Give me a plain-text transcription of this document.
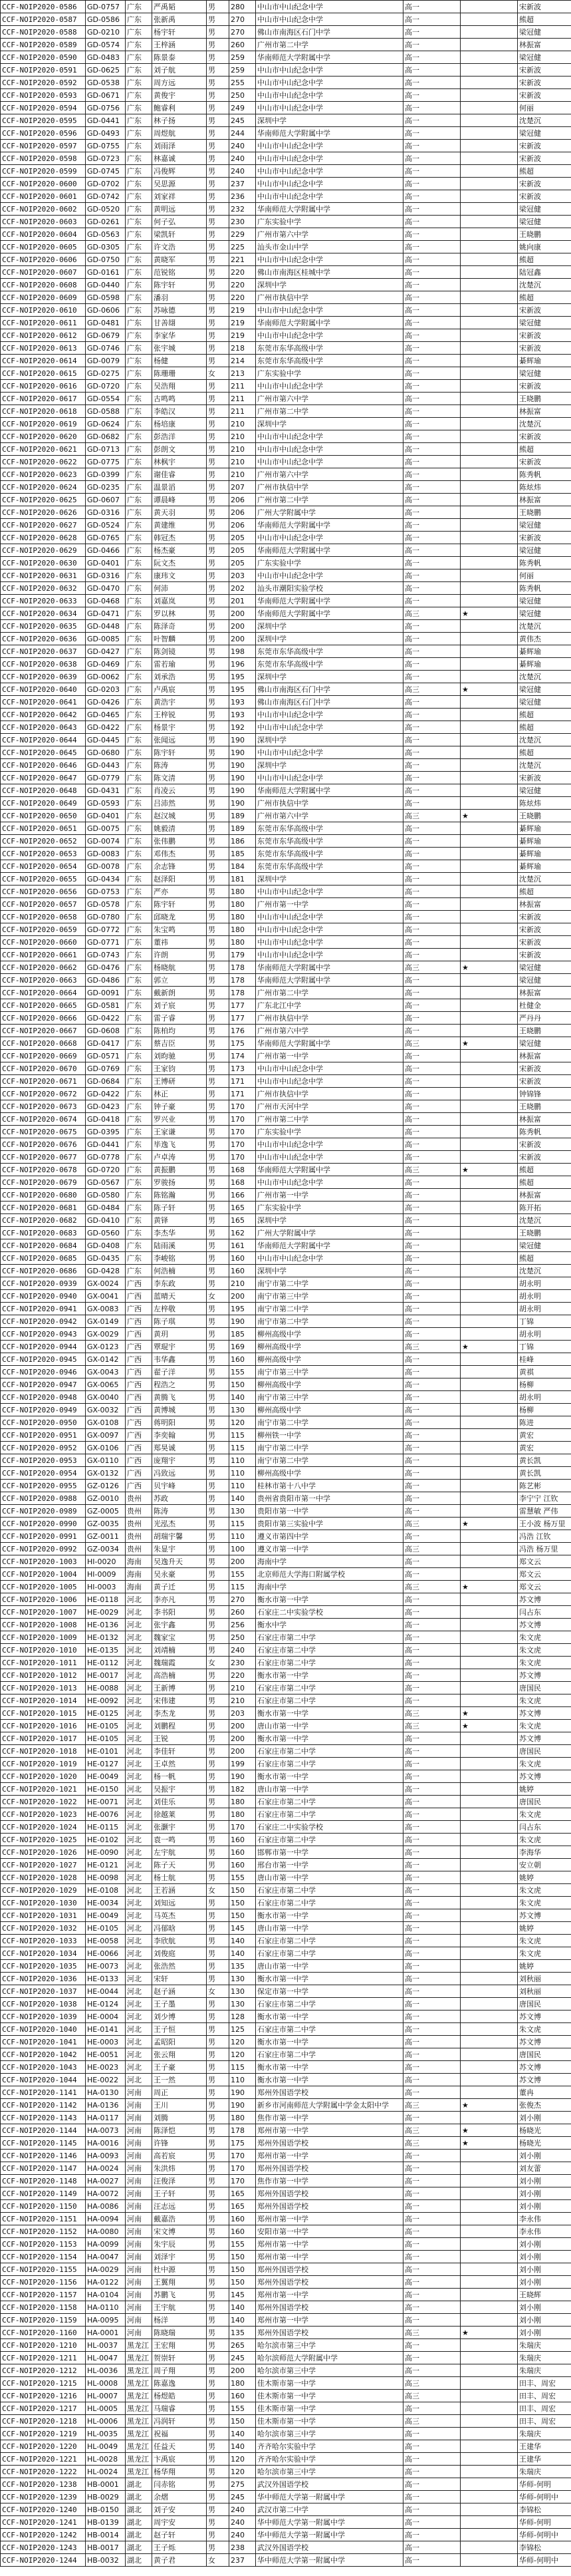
CCF-NOIP2020-0586	GD-0757	广东	严禹韬	男	280	中山市中山纪念中学	高一		宋新波
CCF-NOIP2020-0587	GD-0586	广东	张新禹	男	270	中山市中山纪念中学	高一		熊超
CCF-NOIP2020-0588	GD-0210	广东	杨宇轩	男	270	佛山市南海区石门中学	高一		梁冠健
CCF-NOIP2020-0589	GD-0574	广东	王梓涵	男	260	广州市第二中学	高一		林振富
CCF-NOIP2020-0590	GD-0483	广东	陈景泰	男	259	华南师范大学附属中学	高一		梁冠健
CCF-NOIP2020-0591	GD-0625	广东	刘子航	男	259	中山市中山纪念中学	高一		宋新波
CCF-NOIP2020-0592	GD-0538	广东	周方远	男	255	中山市中山纪念中学	高一		宋新波
CCF-NOIP2020-0593	GD-0671	广东	黄俊宇	男	250	中山市中山纪念中学	高一		宋新波
CCF-NOIP2020-0594	GD-0756	广东	鲍睿利	男	249	中山市中山纪念中学	高一		何丽
CCF-NOIP2020-0595	GD-0441	广东	林子扬	男	245	深圳中学	高一		沈楚沉
CCF-NOIP2020-0596	GD-0493	广东	周煜航	男	244	华南师范大学附属中学	高一		梁冠健
CCF-NOIP2020-0597	GD-0755	广东	刘雨泽	男	240	中山市中山纪念中学	高一		宋新波
CCF-NOIP2020-0598	GD-0723	广东	林嘉诚	男	240	中山市中山纪念中学	高一		宋新波
CCF-NOIP2020-0599	GD-0745	广东	冯俊辉	男	240	中山市中山纪念中学	高一		熊超
CCF-NOIP2020-0600	GD-0702	广东	吴思源	男	237	中山市中山纪念中学	高一		宋新波
CCF-NOIP2020-0601	GD-0742	广东	刘家祥	男	236	中山市中山纪念中学	高一		宋新波
CCF-NOIP2020-0602	GD-0520	广东	黄明远	男	232	华南师范大学附属中学	高一		梁冠健
CCF-NOIP2020-0603	GD-0261	广东	何子弘	男	230	广东实验中学	高一		梁冠健
CCF-NOIP2020-0604	GD-0563	广东	梁凯轩	男	229	广州市第六中学	高一		王晓鹏
CCF-NOIP2020-0605	GD-0305	广东	许文浩	男	225	汕头市金山中学	高一		姚向康
CCF-NOIP2020-0606	GD-0750	广东	黄晓军	男	221	中山市中山纪念中学	高一		熊超
CCF-NOIP2020-0607	GD-0161	广东	范锐铭	男	220	佛山市南海区桂城中学	高一		陆冠鑫
CCF-NOIP2020-0608	GD-0440	广东	陈宇轩	男	220	深圳中学	高一		沈楚沉
CCF-NOIP2020-0609	GD-0598	广东	潘羽	男	220	广州市执信中学	高一		熊超
CCF-NOIP2020-0610	GD-0606	广东	苏咏德	男	219	中山市中山纪念中学	高一		宋新波
CCF-NOIP2020-0611	GD-0481	广东	甘善翃	男	219	华南师范大学附属中学	高一		梁冠健
CCF-NOIP2020-0612	GD-0679	广东	李家华	男	219	中山市中山纪念中学	高一		宋新波
CCF-NOIP2020-0613	GD-0746	广东	张宇城	男	218	东莞市东华高级中学	高一		宋新波
CCF-NOIP2020-0614	GD-0079	广东	杨健	男	214	东莞市东华高级中学	高一		綦辉瑜
CCF-NOIP2020-0615	GD-0275	广东	陈珊珊	女	213	广东实验中学	高一		梁冠健
CCF-NOIP2020-0616	GD-0720	广东	吴浩翔	男	211	中山市中山纪念中学	高一		宋新波
CCF-NOIP2020-0617	GD-0554	广东	古鸣鸣	男	211	广州市第六中学	高一		王晓鹏
CCF-NOIP2020-0618	GD-0588	广东	李皓汉	男	211	广州市第二中学	高一		林振富
CCF-NOIP2020-0619	GD-0624	广东	杨培康	男	210	深圳中学	高一		沈楚沉
CCF-NOIP2020-0620	GD-0682	广东	彭浩洋	男	210	中山市中山纪念中学	高一		宋新波
CCF-NOIP2020-0621	GD-0713	广东	彭朗文	男	210	中山市中山纪念中学	高一		熊超
CCF-NOIP2020-0622	GD-0775	广东	林枫宇	男	210	中山市中山纪念中学	高一		宋新波
CCF-NOIP2020-0623	GD-0399	广东	谢佳睿	男	210	广州市第六中学	高一		陈秀帆
CCF-NOIP2020-0624	GD-0235	广东	温景滔	男	207	广州市执信中学	高一		陈炫炜
CCF-NOIP2020-0625	GD-0607	广东	谭晨峰	男	206	广州市第二中学	高一		林振富
CCF-NOIP2020-0626	GD-0316	广东	黄天羽	男	206	广州大学附属中学	高一		王晓鹏
CCF-NOIP2020-0627	GD-0524	广东	黄建维	男	206	华南师范大学附属中学	高一		梁冠健
CCF-NOIP2020-0628	GD-0765	广东	韩冠杰	男	205	中山市中山纪念中学	高一		宋新波
CCF-NOIP2020-0629	GD-0466	广东	杨杰豪	男	205	华南师范大学附属中学	高一		梁冠健
CCF-NOIP2020-0630	GD-0401	广东	阮文杰	男	205	广东实验中学	高一		陈秀帆
CCF-NOIP2020-0631	GD-0316	广东	康玮文	男	203	中山市中山纪念中学	高一		何丽
CCF-NOIP2020-0632	GD-0470	广东	何沛	男	202	汕头市潮阳实验学校	高一		陈秀帆
CCF-NOIP2020-0633	GD-0468	广东	刘嘉岚	男	201	华南师范大学附属中学	高一		梁冠健
CCF-NOIP2020-0634	GD-0471	广东	罗以林	男	200	华南师范大学附属中学	高三	★	梁冠健
CCF-NOIP2020-0635	GD-0448	广东	陈泽奇	男	200	深圳中学	高一		沈楚沉
CCF-NOIP2020-0636	GD-0085	广东	叶智麟	男	200	深圳中学	高一		黄伟杰
CCF-NOIP2020-0637	GD-0427	广东	陈剑镜	男	198	东莞市东华高级中学	高一		綦辉瑜
CCF-NOIP2020-0638	GD-0469	广东	雷若瑜	男	196	东莞市东华高级中学	高一		綦辉瑜
CCF-NOIP2020-0639	GD-0062	广东	刘承浩	男	195	深圳中学	高一		沈楚沉
CCF-NOIP2020-0640	GD-0203	广东	卢禹宸	男	195	佛山市南海区石门中学	高三	★	梁冠健
CCF-NOIP2020-0641	GD-0426	广东	黄浩宇	男	193	佛山市南海区石门中学	高一		梁冠健
CCF-NOIP2020-0642	GD-0465	广东	王梓锐	男	193	中山市中山纪念中学	高一		熊超
CCF-NOIP2020-0643	GD-0422	广东	杨景宇	男	192	中山市中山纪念中学	高一		熊超
CCF-NOIP2020-0644	GD-0445	广东	张闻远	男	190	深圳中学	高一		沈楚沉
CCF-NOIP2020-0645	GD-0680	广东	陈宇轩	男	190	中山市中山纪念中学	高一		熊超
CCF-NOIP2020-0646	GD-0443	广东	陈涛	男	190	深圳中学	高一		沈楚沉
CCF-NOIP2020-0647	GD-0779	广东	陈文清	男	190	中山市中山纪念中学	高一		宋新波
CCF-NOIP2020-0648	GD-0431	广东	肖凌云	男	190	华南师范大学附属中学	高一		梁冠健
CCF-NOIP2020-0649	GD-0593	广东	吕沛然	男	190	广州市执信中学	高一		陈炫炜
CCF-NOIP2020-0650	GD-0401	广东	赵汉城	男	189	广州市第六中学	高三	★	王晓鹏
CCF-NOIP2020-0651	GD-0075	广东	姚毅清	男	189	东莞市东华高级中学	高一		綦辉瑜
CCF-NOIP2020-0652	GD-0074	广东	张伟鹏	男	186	东莞市东华高级中学	高一		綦辉瑜
CCF-NOIP2020-0653	GD-0083	广东	邓伟杰	男	185	东莞市东华高级中学	高一		綦辉瑜
CCF-NOIP2020-0654	GD-0078	广东	余志锋	男	184	东莞市东华高级中学	高一		綦辉瑜
CCF-NOIP2020-0655	GD-0434	广东	赵泽阳	男	181	深圳中学	高一		沈楚沉
CCF-NOIP2020-0656	GD-0753	广东	严亦	男	180	中山市中山纪念中学	高一		熊超
CCF-NOIP2020-0657	GD-0578	广东	陈宇轩	男	180	广州市第一中学	高一		林振富
CCF-NOIP2020-0658	GD-0780	广东	邱晓龙	男	180	中山市中山纪念中学	高一		宋新波
CCF-NOIP2020-0659	GD-0772	广东	朱宝鸣	男	180	中山市中山纪念中学	高一		宋新波
CCF-NOIP2020-0660	GD-0771	广东	董祎	男	180	中山市中山纪念中学	高一		宋新波
CCF-NOIP2020-0661	GD-0743	广东	许朗	男	179	中山市中山纪念中学	高一		宋新波
CCF-NOIP2020-0662	GD-0476	广东	杨晓航	男	178	华南师范大学附属中学	高三	★	梁冠健
CCF-NOIP2020-0663	GD-0486	广东	郭立	男	178	华南师范大学附属中学	高一		梁冠健
CCF-NOIP2020-0664	GD-0091	广东	戴新朗	男	178	广州市第二中学	高一		林振富
CCF-NOIP2020-0665	GD-0581	广东	刘子宸	男	177	广东北江中学	高一		杜健金
CCF-NOIP2020-0666	GD-0422	广东	雷子睿	男	177	广州市执信中学	高一		严丹丹
CCF-NOIP2020-0667	GD-0608	广东	陈柏均	男	176	广州市第六中学	高一		王晓鹏
CCF-NOIP2020-0668	GD-0417	广东	蔡吉臣	男	175	华南师范大学附属中学	高三	★	梁冠健
CCF-NOIP2020-0669	GD-0571	广东	刘昀驰	男	174	广州市第一中学	高一		林振富
CCF-NOIP2020-0670	GD-0769	广东	王家钧	男	173	中山市中山纪念中学	高一		宋新波
CCF-NOIP2020-0671	GD-0684	广东	王博研	男	171	中山市中山纪念中学	高一		宋新波
CCF-NOIP2020-0672	GD-0422	广东	林正	男	171	广州市执信中学	高一		钟锦锋
CCF-NOIP2020-0673	GD-0423	广东	钟子豪	男	170	广州市天河中学	高一		王晓鹏
CCF-NOIP2020-0674	GD-0418	广东	罗兴业	男	170	广州市第二中学	高一		林振富
CCF-NOIP2020-0675	GD-0395	广东	王家谦	男	170	广东实验中学	高一		陈秀帆
CCF-NOIP2020-0676	GD-0441	广东	毕逸飞	男	170	中山市中山纪念中学	高一		宋新波
CCF-NOIP2020-0677	GD-0778	广东	卢卓涛	男	170	中山市中山纪念中学	高一		宋新波
CCF-NOIP2020-0678	GD-0720	广东	黄振鹏	男	168	华南师范大学附属中学	高三	★	熊超
CCF-NOIP2020-0679	GD-0567	广东	罗骏扬	男	168	中山市中山纪念中学	高一		熊超
CCF-NOIP2020-0680	GD-0580	广东	陈铭瀚	男	166	广州市第一中学	高一		林振富
CCF-NOIP2020-0681	GD-0484	广东	陈子轩	男	165	广东实验中学	高一		陈开拓
CCF-NOIP2020-0682	GD-0410	广东	黄铎	男	165	深圳中学	高一		沈楚沉
CCF-NOIP2020-0683	GD-0560	广东	李杰华	男	162	广州大学附属中学	高一		王晓鹏
CCF-NOIP2020-0684	GD-0408	广东	陆雨溪	男	161	华南师范大学附属中学	高一		梁冠健
CCF-NOIP2020-0685	GD-0435	广东	李峻铭	男	160	中山市中山纪念中学	高一		熊超
CCF-NOIP2020-0686	GD-0428	广东	何浩楠	男	160	深圳中学	高一		沈楚沉
CCF-NOIP2020-0939	GX-0024	广西	李东政	男	210	南宁市第二中学	高一		胡永明
CCF-NOIP2020-0940	GX-0041	广西	蓝晴天	女	200	南宁市第三中学	高一		胡永明
CCF-NOIP2020-0941	GX-0083	广西	左梓敬	男	195	南宁市第二中学	高一		胡永明
CCF-NOIP2020-0942	GX-0149	广西	陈子琪	男	190	南宁市第二中学	高一		丁锦
CCF-NOIP2020-0943	GX-0029	广西	黄玥	男	185	柳州高级中学	高一		胡永明
CCF-NOIP2020-0944	GX-0123	广西	覃琨宇	男	169	柳州高级中学	高三	★	丁锦
CCF-NOIP2020-0945	GX-0142	广西	韦华鑫	男	160	柳州高级中学	高一		桂峰
CCF-NOIP2020-0946	GX-0043	广西	翟子洋	男	155	南宁市第三中学	高一		黄祺
CCF-NOIP2020-0947	GX-0065	广西	程浩之	男	150	柳州高级中学	高一		杨柳
CCF-NOIP2020-0948	GX-0040	广西	黄腾飞	男	140	南宁市第三中学	高一		胡永明
CCF-NOIP2020-0949	GX-0032	广西	黄博城	男	130	柳州高级中学	高一		杨柳
CCF-NOIP2020-0950	GX-0108	广西	蒋明阳	男	120	南宁市第二中学	高一		陈进
CCF-NOIP2020-0951	GX-0097	广西	李奕翰	男	115	柳州铁一中学	高一		黄宏
CCF-NOIP2020-0952	GX-0106	广西	郑昊诚	男	115	南宁市第二中学	高一		黄宏
CCF-NOIP2020-0953	GX-0110	广西	庞翔宇	男	110	南宁市第二中学	高一		黄长凯
CCF-NOIP2020-0954	GX-0132	广西	冯致远	男	110	柳州高级中学	高一		黄长凯
CCF-NOIP2020-0955	GZ-0126	广西	贝宇峰	男	110	桂林市第十八中学	高一		陈艺彬
CCF-NOIP2020-0988	GZ-0010	贵州	苏政	男	140	贵州省贵阳市第一中学	高一		李宁宁 江钦
CCF-NOIP2020-0989	GZ-0005	贵州	陈涛	男	130	贵阳市第一中学	高一		雷慧敏 严伟
CCF-NOIP2020-0990	GZ-0035	贵州	光泓杰	男	115	贵阳市第三实验中学	高三	★	王小波 杨万里
CCF-NOIP2020-0991	GZ-0011	贵州	胡瑞宇馨	男	110	遵义市第四中学	高一		冯浩 江钦
CCF-NOIP2020-0992	GZ-0034	贵州	朱显宇	男	100	遵义市第一中学	高三		冯浩 杨万里
CCF-NOIP2020-1003	HI-0020	海南	吴逸升天	男	200	海南中学	高一		郑文云
CCF-NOIP2020-1004	HI-0009	海南	吴永豪	男	155	北京师范大学海口附属学校	高一		郑文云
CCF-NOIP2020-1005	HI-0003	海南	黄子迁	男	115	海南中学	高三	★	郑文云
CCF-NOIP2020-1006	HE-0118	河北	李亦凡	男	270	衡水市第一中学	高一		苏文博
CCF-NOIP2020-1007	HE-0029	河北	李书阳	男	260	石家庄二中实验学校	高一		闫占东
CCF-NOIP2020-1008	HE-0136	河北	张宇鑫	男	256	衡水中学	高一		苏文博
CCF-NOIP2020-1009	HE-0132	河北	魏家宝	男	250	石家庄市第二中学	高一		朱文虎
CCF-NOIP2020-1010	HE-0135	河北	刘靖楠	男	240	石家庄市第二中学	高一		朱文虎
CCF-NOIP2020-1011	HE-0112	河北	魏瑞霞	女	230	石家庄市第二中学	高一		朱文虎
CCF-NOIP2020-1012	HE-0017	河北	高浩楠	男	220	衡水市第一中学	高一		苏文博
CCF-NOIP2020-1013	HE-0088	河北	王新博	男	210	石家庄市第二中学	高一		唐国民
CCF-NOIP2020-1014	HE-0092	河北	宋伟建	男	210	石家庄市第二中学	高一		朱文虎
CCF-NOIP2020-1015	HE-0125	河北	李杰龙	男	203	衡水市第一中学	高三	★	苏文博
CCF-NOIP2020-1016	HE-0105	河北	刘鹏程	男	200	唐山市第一中学	高三	★	朱文虎
CCF-NOIP2020-1017	HE-0105	河北	王锐	男	200	衡水市第一中学	高一		苏文博
CCF-NOIP2020-1018	HE-0101	河北	李佳轩	男	200	石家庄市第二中学	高一		唐国民
CCF-NOIP2020-1019	HE-0127	河北	王卓然	男	199	石家庄市第二中学	高一		朱文虎
CCF-NOIP2020-1020	HE-0049	河北	杨一帆	男	190	衡水市第一中学	高一		苏文博
CCF-NOIP2020-1021	HE-0150	河北	吴振宇	男	182	唐山市第一中学	高一		姚婷
CCF-NOIP2020-1022	HE-0071	河北	刘佳乐	男	180	石家庄市第二中学	高一		唐国民
CCF-NOIP2020-1023	HE-0076	河北	徐越莱	男	180	石家庄市第二中学	高一		朱文虎
CCF-NOIP2020-1024	HE-0115	河北	张灏宇	男	170	石家庄二中实验学校	高一		闫占东
CCF-NOIP2020-1025	HE-0102	河北	袁一鸣	男	160	石家庄市第二中学	高一		朱文虎
CCF-NOIP2020-1026	HE-0090	河北	左宇航	男	160	邯郸市第一中学	高一		李海华
CCF-NOIP2020-1027	HE-0121	河北	陈子天	男	160	邢台市第一中学	高一		安立朝
CCF-NOIP2020-1028	HE-0098	河北	杨士航	男	155	唐山市第一中学	高一		姚婷
CCF-NOIP2020-1029	HE-0108	河北	王若涵	女	150	石家庄市第二中学	高一		朱文虎
CCF-NOIP2020-1030	HE-0034	河北	刘知远	男	150	石家庄市第二中学	高一		朱文虎
CCF-NOIP2020-1031	HE-0049	河北	马英杰	男	150	衡水市第一中学	高一		苏文博
CCF-NOIP2020-1032	HE-0105	河北	冯郁晗	男	145	唐山市第一中学	高一		姚婷
CCF-NOIP2020-1033	HE-0058	河北	李欣航	男	140	石家庄市第二中学	高一		朱文虎
CCF-NOIP2020-1034	HE-0066	河北	刘俊庭	男	140	石家庄市第二中学	高一		朱文虎
CCF-NOIP2020-1035	HE-0073	河北	张浩然	男	135	唐山市第一中学	高一		姚婷
CCF-NOIP2020-1036	HE-0133	河北	宋轩	男	130	衡水市第一中学	高一		刘秋丽
CCF-NOIP2020-1037	HE-0044	河北	赵子涵	女	130	保定市第一中学	高一		刘秋丽
CCF-NOIP2020-1038	HE-0124	河北	王子墨	男	130	石家庄市第二中学	高一		唐国民
CCF-NOIP2020-1039	HE-0004	河北	刘少博	男	128	衡水市第一中学	高一		苏文博
CCF-NOIP2020-1040	HE-0141	河北	王子恒	男	125	石家庄市第二中学	高一		朱文虎
CCF-NOIP2020-1041	HE-0003	河北	孟昭阳	男	120	衡水市第一中学	高一		苏文博
CCF-NOIP2020-1042	HE-0051	河北	张云翔	男	120	石家庄市第二中学	高一		唐国民
CCF-NOIP2020-1043	HE-0023	河北	王子豪	男	115	衡水市第一中学	高一		苏文博
CCF-NOIP2020-1044	HE-0022	河北	王一然	男	110	衡水市第一中学	高一		苏文博
CCF-NOIP2020-1141	HA-0130	河南	周正	男	190	郑州外国语学校	高一		董冉
CCF-NOIP2020-1142	HA-0136	河南	王川	男	190	新乡市河南师范大学附属中学金太阳中学	高三	★	张俊杰
CCF-NOIP2020-1143	HA-0117	河南	刘腾	男	180	焦作市第一中学	高一		刘小刚
CCF-NOIP2020-1144	HA-0073	河南	陈泽恺	男	178	郑州市第一中学	高三	★	杨晓光
CCF-NOIP2020-1145	HA-0016	河南	许锋	男	175	郑州外国语学校	高三	★	杨晓光
CCF-NOIP2020-1146	HA-0093	河南	高若宸	男	170	郑州市第一中学	高一		刘小刚
CCF-NOIP2020-1147	HA-0024	河南	朱洪炜	男	170	郑州外国语学校	高一		刘友蕾
CCF-NOIP2020-1148	HA-0027	河南	汪俊泽	男	170	焦作市第一中学	高一		刘小刚
CCF-NOIP2020-1149	HA-0072	河南	王子轩	男	165	郑州外国语学校	高一		刘小刚
CCF-NOIP2020-1150	HA-0086	河南	汪志远	男	165	郑州外国语学校	高一		刘小刚
CCF-NOIP2020-1151	HA-0094	河南	戴嘉浩	男	160	郑州市第一中学	高一		李永伟
CCF-NOIP2020-1152	HA-0080	河南	宋文博	男	160	安阳市第一中学	高一		李永伟
CCF-NOIP2020-1153	HA-0099	河南	朱宇辰	男	155	郑州市第一中学	高一		刘小刚
CCF-NOIP2020-1154	HA-0047	河南	刘泽宇	男	150	郑州市第一中学	高一		刘小刚
CCF-NOIP2020-1155	HA-0029	河南	杜中源	男	150	郑州外国语学校	高一		刘小刚
CCF-NOIP2020-1156	HA-0122	河南	王翼翔	男	150	郑州外国语学校	高一		刘小刚
CCF-NOIP2020-1157	HA-0104	河南	苏鹏飞	男	145	郑州市第一中学	高一		王晓辉
CCF-NOIP2020-1158	HA-0110	河南	王宇航	男	140	郑州外国语学校	高一		刘小刚
CCF-NOIP2020-1159	HA-0095	河南	杨洋	男	140	郑州市第一中学	高一		刘小刚
CCF-NOIP2020-1160	HA-0001	河南	陈晓瑞	男	135	郑州外国语学校	高三	★	刘小刚
CCF-NOIP2020-1210	HL-0037	黑龙江	王宏翔	男	265	哈尔滨市第三中学	高一		朱瑞庆
CCF-NOIP2020-1211	HL-0047	黑龙江	贺崇轩	男	245	哈尔滨师范大学附属中学	高一		朱瑞庆
CCF-NOIP2020-1212	HL-0036	黑龙江	周子翔	男	200	哈尔滨市第三中学	高一		朱瑞庆
CCF-NOIP2020-1215	HL-0008	黑龙江	陈嘉逸	男	180	佳木斯市第一中学	高三		田丰、周宏
CCF-NOIP2020-1216	HL-0007	黑龙江	杨煜皓	男	160	佳木斯市第一中学	高三		田丰、周宏
CCF-NOIP2020-1217	HL-0005	黑龙江	马瑞睿	男	155	佳木斯市第一中学	高一		田丰、周宏
CCF-NOIP2020-1218	HL-0006	黑龙江	冯润轩	男	150	佳木斯市第一中学	高三		田丰、周宏
CCF-NOIP2020-1219	HL-0035	黑龙江	祝福	男	140	哈尔滨市第三中学	高一		朱瑞庆
CCF-NOIP2020-1220	HL-0049	黑龙江	任益天	男	140	齐齐哈尔实验中学	高一		王建华
CCF-NOIP2020-1221	HL-0028	黑龙江	卞禹宸	男	120	齐齐哈尔实验中学	高一		王建华
CCF-NOIP2020-1222	HL-0024	黑龙江	杨华翔	男	120	哈尔滨市第三中学	高一		朱瑞庆
CCF-NOIP2020-1238	HB-0001	湖北	闫赤铭	男	275	武汉外国语学校	高一		华师-何明
CCF-NOIP2020-1239	HB-0029	湖北	余熠	男	245	华中师范大学第一附属中学	高一		华师-何明中
CCF-NOIP2020-1240	HB-0150	湖北	刘子安	男	240	武汉市第二中学	高一		李锦松
CCF-NOIP2020-1241	HB-0139	湖北	周宇安	男	240	华中师范大学第一附属中学	高一		华师-何明
CCF-NOIP2020-1242	HB-0014	湖北	赵子轩	男	240	华中师范大学第一附属中学	高一		华师-何明中
CCF-NOIP2020-1243	HB-0017	湖北	王子烁	男	238	武汉外国语学校	高一		李锦松
CCF-NOIP2020-1244	HB-0032	湖北	黄子君	女	237	华中师范大学第一附属中学	高一		华师-何明中
